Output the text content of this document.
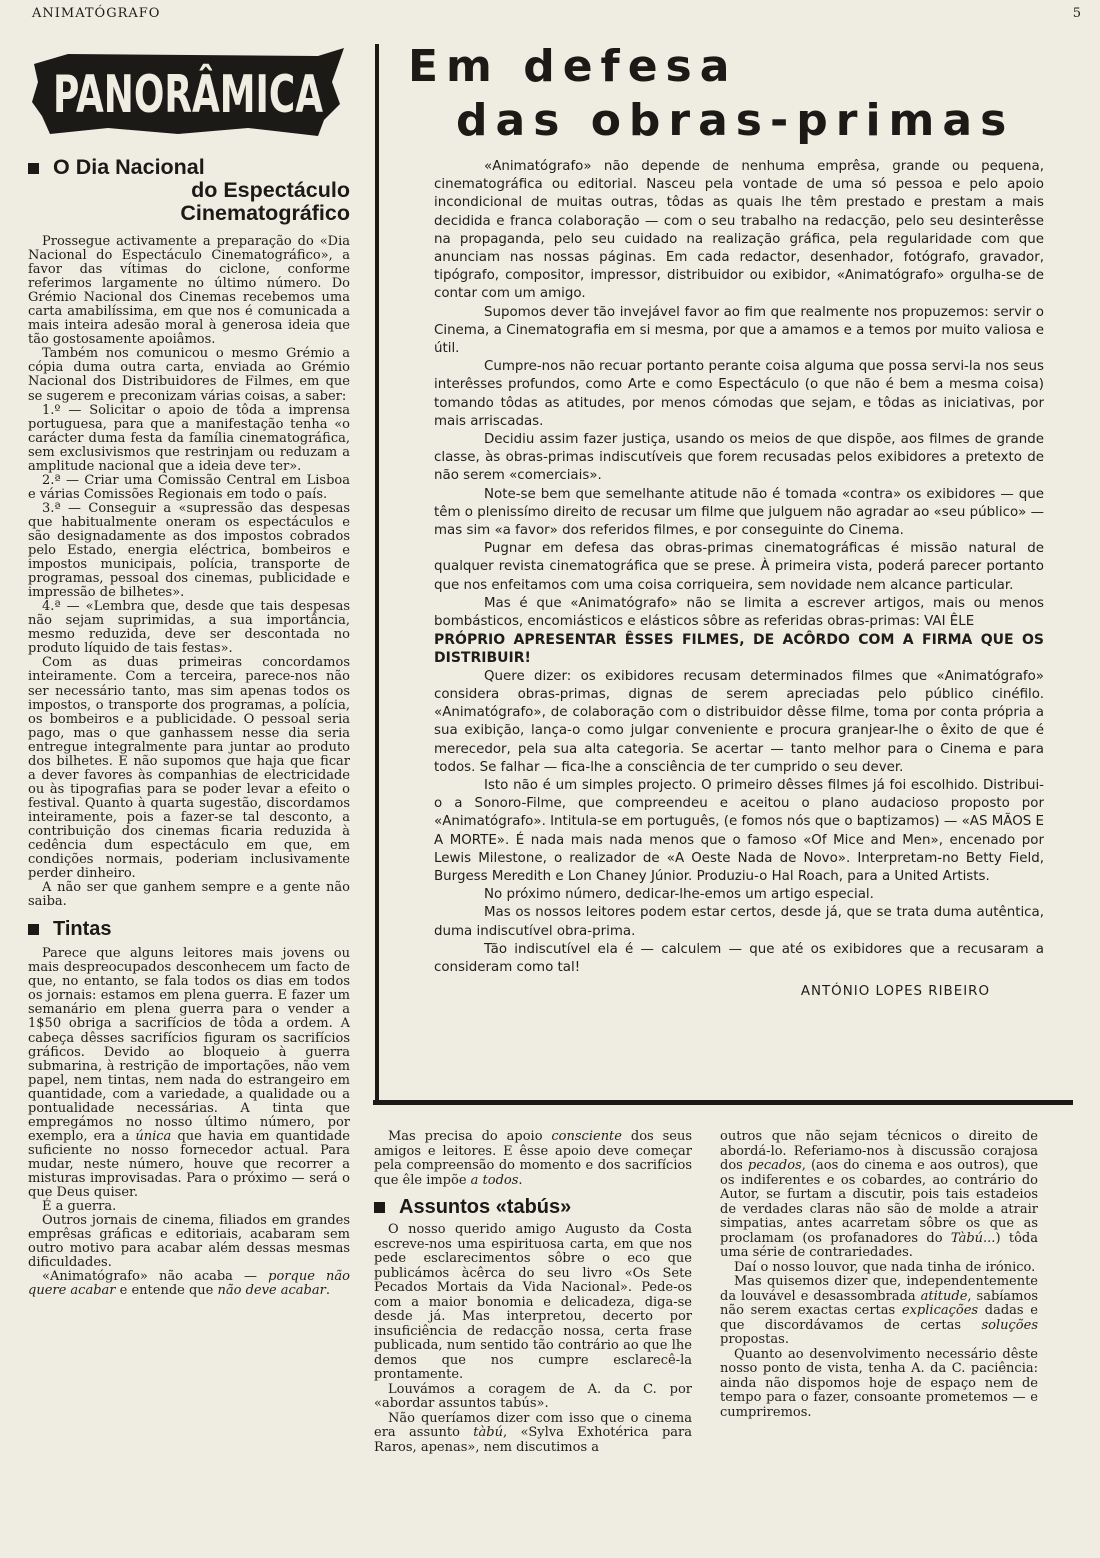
ANIMATÓGRAFO	5
PANORÂMICA
O Dia Nacional
do Espectáculo
Cinematográfico

Prossegue activamente a preparação do «Dia Nacional do Espectáculo Cinematográfico», a favor das vítimas do ciclone, conforme referimos largamente no último número. Do Grémio Nacional dos Cinemas recebemos uma carta amabilíssima, em que nos é comunicada a mais inteira adesão moral à generosa ideia que tão gostosamente apoiâmos.

Também nos comunicou o mesmo Grémio a cópia duma outra carta, enviada ao Grémio Nacional dos Distribuidores de Filmes, em que se sugerem e preconizam várias coisas, a saber:

1.º — Solicitar o apoio de tôda a imprensa portuguesa, para que a manifestação tenha «o carácter duma festa da família cinematográfica, sem exclusivismos que restrinjam ou reduzam a amplitude nacional que a ideia deve ter».

2.ª — Criar uma Comissão Central em Lisboa e várias Comissões Regionais em todo o país.

3.ª — Conseguir a «supressão das despesas que habitualmente oneram os espectáculos e são designadamente as dos impostos cobrados pelo Estado, energia eléctrica, bombeiros e impostos municipais, polícia, transporte de programas, pessoal dos cinemas, publicidade e impressão de bilhetes».

4.ª — «Lembra que, desde que tais despesas não sejam suprimidas, a sua importância, mesmo reduzida, deve ser descontada no produto líquido de tais festas».

Com as duas primeiras concordamos inteiramente. Com a terceira, parece-nos não ser necessário tanto, mas sim apenas todos os impostos, o transporte dos programas, a polícia, os bombeiros e a publicidade. O pessoal seria pago, mas o que ganhassem nesse dia seria entregue integralmente para juntar ao produto dos bilhetes. E não supomos que haja que ficar a dever favores às companhias de electricidade ou às tipografias para se poder levar a efeito o festival. Quanto à quarta sugestão, discordamos inteiramente, pois a fazer-se tal desconto, a contribuição dos cinemas ficaria reduzida à cedência dum espectáculo em que, em condições normais, poderiam inclusivamente perder dinheiro.

A não ser que ganhem sempre e a gente não saiba.

Tintas

Parece que alguns leitores mais jovens ou mais despreocupados desconhecem um facto de que, no entanto, se fala todos os dias em todos os jornais: estamos em plena guerra. E fazer um semanário em plena guerra para o vender a 1$50 obriga a sacrifícios de tôda a ordem. A cabeça dêsses sacrifícios figuram os sacrifícios gráficos. Devido ao bloqueio à guerra submarina, à restrição de importações, não vem papel, nem tintas, nem nada do estrangeiro em quantidade, com a variedade, a qualidade ou a pontualidade necessárias. A tinta que empregámos no nosso último número, por exemplo, era a única que havia em quantidade suficiente no nosso fornecedor actual. Para mudar, neste número, houve que recorrer a misturas improvisadas. Para o próximo — será o que Deus quiser.

É a guerra.

Outros jornais de cinema, filiados em grandes emprêsas gráficas e editoriais, acabaram sem outro motivo para acabar além dessas mesmas dificuldades.

«Animatógrafo» não acaba — porque não quere acabar e entende que não deve acabar.

Em defesa
das obras-primas

«Animatógrafo» não depende de nenhuma emprêsa, grande ou pequena, cinematográfica ou editorial. Nasceu pela vontade de uma só pessoa e pelo apoio incondicional de muitas outras, tôdas as quais lhe têm prestado e prestam a mais decidida e franca colaboração — com o seu trabalho na redacção, pelo seu desinterêsse na propaganda, pelo seu cuidado na realização gráfica, pela regularidade com que anunciam nas nossas páginas. Em cada redactor, desenhador, fotógrafo, gravador, tipógrafo, compositor, impressor, distribuidor ou exibidor, «Animatógrafo» orgulha-se de contar com um amigo.

Supomos dever tão invejável favor ao fim que realmente nos propuzemos: servir o Cinema, a Cinematografia em si mesma, por que a amamos e a temos por muito valiosa e útil.

Cumpre-nos não recuar portanto perante coisa alguma que possa servi-la nos seus interêsses profundos, como Arte e como Espectáculo (o que não é bem a mesma coisa) tomando tôdas as atitudes, por menos cómodas que sejam, e tôdas as iniciativas, por mais arriscadas.

Decidiu assim fazer justiça, usando os meios de que dispõe, aos filmes de grande classe, às obras-primas indiscutíveis que forem recusadas pelos exibidores a pretexto de não serem «comerciais».

Note-se bem que semelhante atitude não é tomada «contra» os exibidores — que têm o plenissímo direito de recusar um filme que julguem não agradar ao «seu público» — mas sim «a favor» dos referidos filmes, e por conseguinte do Cinema.

Pugnar em defesa das obras-primas cinematográficas é missão natural de qualquer revista cinematográfica que se prese. À primeira vista, poderá parecer portanto que nos enfeitamos com uma coisa corriqueira, sem novidade nem alcance particular.

Mas é que «Animatógrafo» não se limita a escrever artigos, mais ou menos bombásticos, encomiásticos e elásticos sôbre as referidas obras-primas: VAI ÊLE

PRÓPRIO APRESENTAR ÊSSES FILMES, DE ACÔRDO COM A FIRMA QUE OS DISTRIBUIR!

Quere dizer: os exibidores recusam determinados filmes que «Animatógrafo» considera obras-primas, dignas de serem apreciadas pelo público cinéfilo. «Animatógrafo», de colaboração com o distribuidor dêsse filme, toma por conta própria a sua exibição, lança-o como julgar conveniente e procura granjear-lhe o êxito de que é merecedor, pela sua alta categoria. Se acertar — tanto melhor para o Cinema e para todos. Se falhar — fica-lhe a consciência de ter cumprido o seu dever.

Isto não é um simples projecto. O primeiro dêsses filmes já foi escolhido. Distribui-o a Sonoro-Filme, que compreendeu e aceitou o plano audacioso proposto por «Animatógrafo». Intitula-se em português, (e fomos nós que o baptizamos) — «AS MÃOS E A MORTE». É nada mais nada menos que o famoso «Of Mice and Men», encenado por Lewis Milestone, o realizador de «A Oeste Nada de Novo». Interpretam-no Betty Field, Burgess Meredith e Lon Chaney Júnior. Produziu-o Hal Roach, para a United Artists.

No próximo número, dedicar-lhe-emos um artigo especial.

Mas os nossos leitores podem estar certos, desde já, que se trata duma autêntica, duma indiscutível obra-prima.

Tão indiscutível ela é — calculem — que até os exibidores que a recusaram a consideram como tal!

ANTÓNIO LOPES RIBEIRO

Mas precisa do apoio consciente dos seus amigos e leitores. E êsse apoio deve começar pela compreensão do momento e dos sacrifícios que êle impõe a todos.

Assuntos «tabús»

O nosso querido amigo Augusto da Costa escreve-nos uma espirituosa carta, em que nos pede esclarecimentos sôbre o eco que publicámos àcêrca do seu livro «Os Sete Pecados Mortais da Vida Nacional». Pede-os com a maior bonomia e delicadeza, diga-se desde já. Mas interpretou, decerto por insuficiência de redacção nossa, certa frase publicada, num sentido tão contrário ao que lhe demos que nos cumpre esclarecê-la prontamente.

Louvámos a coragem de A. da C. por «abordar assuntos tabús».

Não queríamos dizer com isso que o cinema era assunto tàbú, «Sylva Exhotérica para Raros, apenas», nem discutimos a

outros que não sejam técnicos o direito de abordá-lo. Referiamo-nos à discussão corajosa dos pecados, (aos do cinema e aos outros), que os indiferentes e os cobardes, ao contrário do Autor, se furtam a discutir, pois tais estadeios de verdades claras não são de molde a atrair simpatias, antes acarretam sôbre os que as proclamam (os profanadores do Tàbú...) tôda uma série de contrariedades.

Daí o nosso louvor, que nada tinha de irónico.

Mas quisemos dizer que, independentemente da louvável e desassombrada atitude, sabíamos não serem exactas certas explicações dadas e que discordávamos de certas soluções propostas.

Quanto ao desenvolvimento necessário dêste nosso ponto de vista, tenha A. da C. paciência: ainda não dispomos hoje de espaço nem de tempo para o fazer, consoante prometemos — e cumpriremos.
